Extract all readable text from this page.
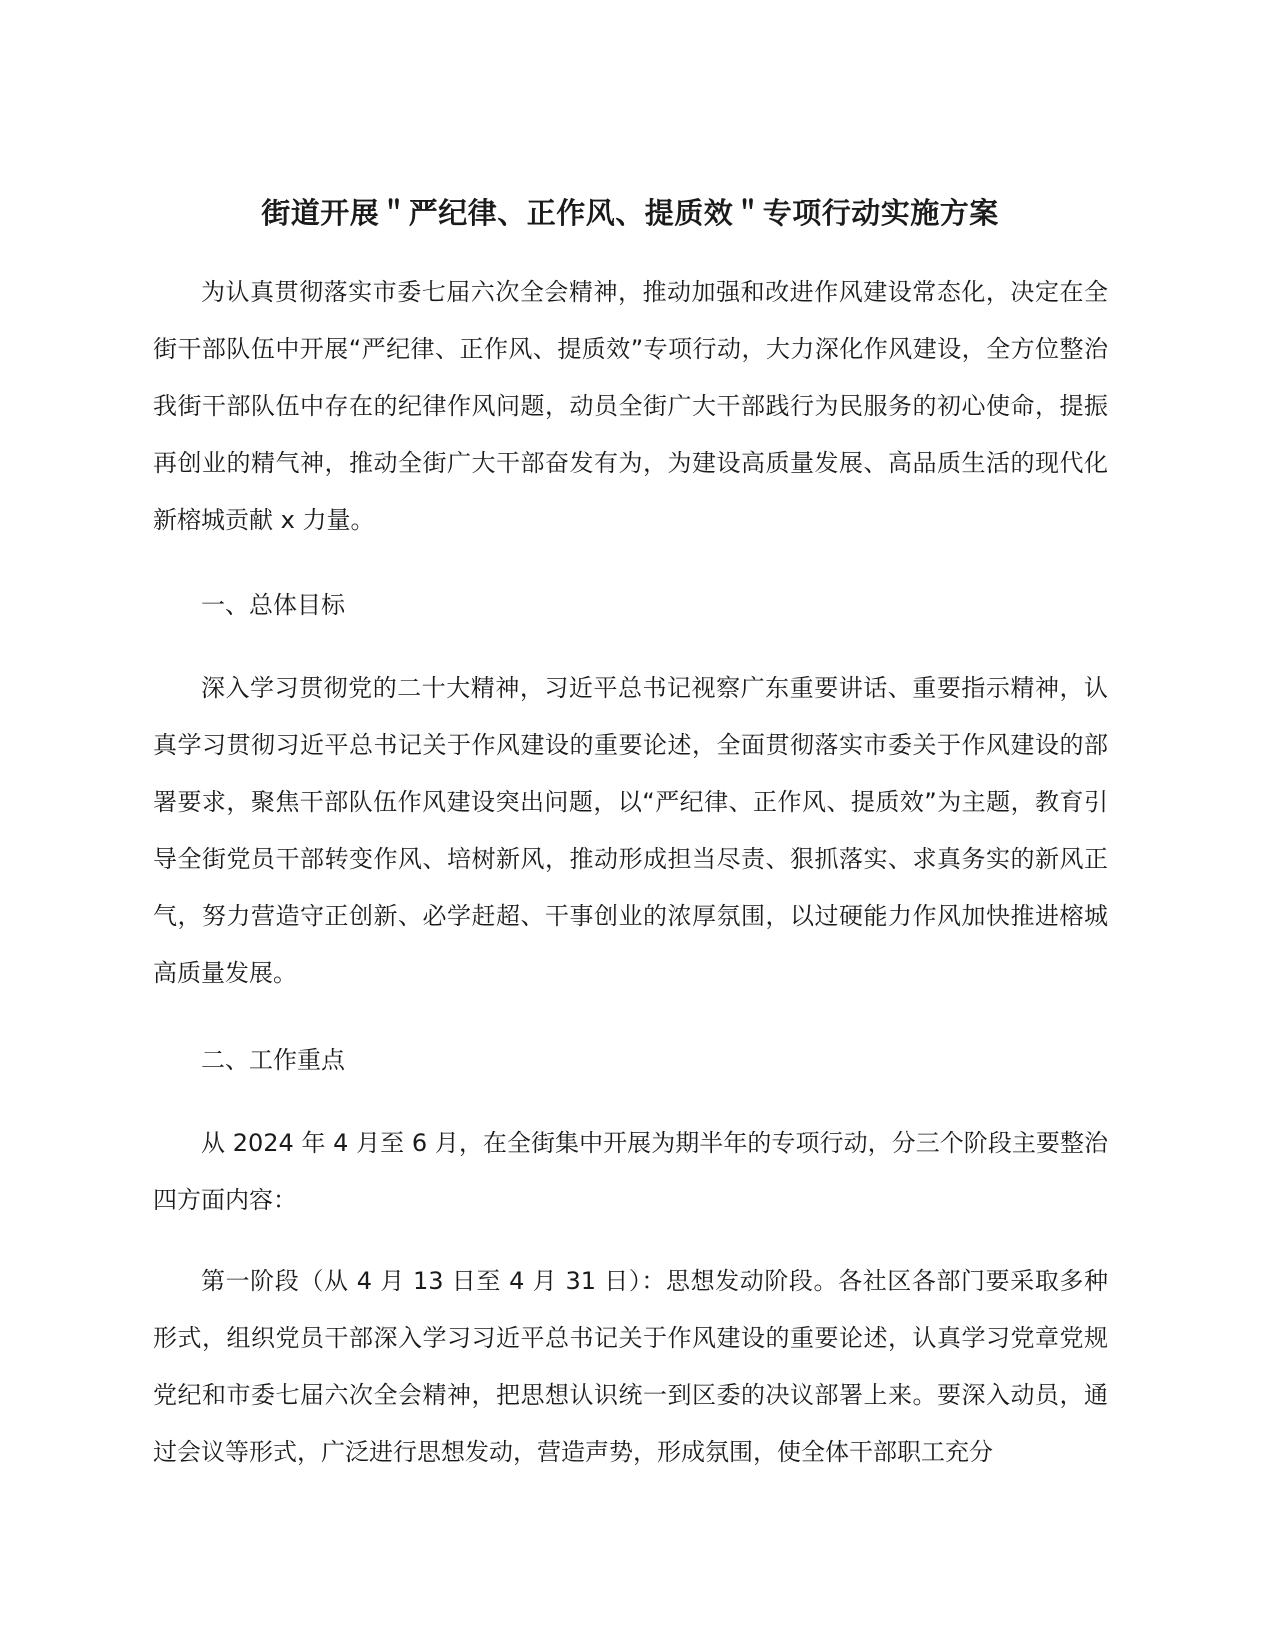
街道开展＂严纪律、正作风、提质效＂专项行动实施方案

为认真贯彻落实市委七届六次全会精神，推动加强和改进作风建设常态化，决定在全街干部队伍中开展“严纪律、正作风、提质效”专项行动，大力深化作风建设，全方位整治我街干部队伍中存在的纪律作风问题，动员全街广大干部践行为民服务的初心使命，提振再创业的精气神，推动全街广大干部奋发有为，为建设高质量发展、高品质生活的现代化新榕城贡献 x 力量。

一、总体目标

深入学习贯彻党的二十大精神，习近平总书记视察广东重要讲话、重要指示精神，认真学习贯彻习近平总书记关于作风建设的重要论述，全面贯彻落实市委关于作风建设的部署要求，聚焦干部队伍作风建设突出问题，以“严纪律、正作风、提质效”为主题，教育引导全街党员干部转变作风、培树新风，推动形成担当尽责、狠抓落实、求真务实的新风正气，努力营造守正创新、必学赶超、干事创业的浓厚氛围，以过硬能力作风加快推进榕城高质量发展。

二、工作重点

从 2024 年 4 月至 6 月，在全街集中开展为期半年的专项行动，分三个阶段主要整治四方面内容：

第一阶段（从 4 月 13 日至 4 月 31 日）：思想发动阶段。各社区各部门要采取多种形式，组织党员干部深入学习习近平总书记关于作风建设的重要论述，认真学习党章党规党纪和市委七届六次全会精神，把思想认识统一到区委的决议部署上来。要深入动员，通过会议等形式，广泛进行思想发动，营造声势，形成氛围，使全体干部职工充分
